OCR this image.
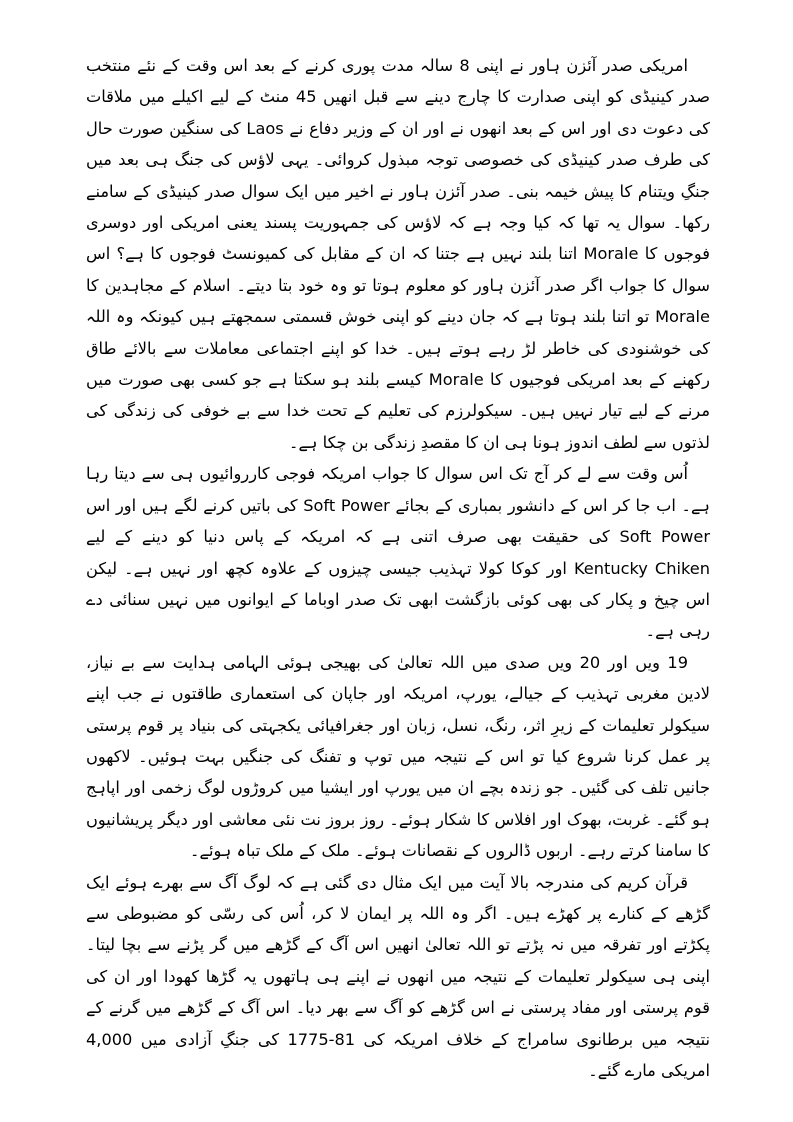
امریکی صدر آئزن ہاور نے اپنی 8 سالہ مدت پوری کرنے کے بعد اس وقت کے نئے منتخب صدر کینیڈی کو اپنی صدارت کا چارج دینے سے قبل انھیں 45 منٹ کے لیے اکیلے میں ملاقات کی دعوت دی اور اس کے بعد انھوں نے اور ان کے وزیر دفاع نے Laos کی سنگین صورت حال کی طرف صدر کینیڈی کی خصوصی توجہ مبذول کروائی۔ یہی لاؤس کی جنگ ہی بعد میں جنگِ ویتنام کا پیش خیمہ بنی۔ صدر آئزن ہاور نے اخیر میں ایک سوال صدر کینیڈی کے سامنے رکھا۔ سوال یہ تھا کہ کیا وجہ ہے کہ لاؤس کی جمہوریت پسند یعنی امریکی اور دوسری فوجوں کا Morale اتنا بلند نہیں ہے جتنا کہ ان کے مقابل کی کمیونسٹ فوجوں کا ہے؟ اس سوال کا جواب اگر صدر آئزن ہاور کو معلوم ہوتا تو وہ خود بتا دیتے۔ اسلام کے مجاہدین کا Morale تو اتنا بلند ہوتا ہے کہ جان دینے کو اپنی خوش قسمتی سمجھتے ہیں کیونکہ وہ اللہ کی خوشنودی کی خاطر لڑ رہے ہوتے ہیں۔ خدا کو اپنے اجتماعی معاملات سے بالائے طاق رکھنے کے بعد امریکی فوجیوں کا Morale کیسے بلند ہو سکتا ہے جو کسی بھی صورت میں مرنے کے لیے تیار نہیں ہیں۔ سیکولرزم کی تعلیم کے تحت خدا سے بے خوفی کی زندگی کی لذتوں سے لطف اندوز ہونا ہی ان کا مقصدِ زندگی بن چکا ہے۔

اُس وقت سے لے کر آج تک اس سوال کا جواب امریکہ فوجی کارروائیوں ہی سے دیتا رہا ہے۔ اب جا کر اس کے دانشور بمباری کے بجائے Soft Power کی باتیں کرنے لگے ہیں اور اس Soft Power کی حقیقت بھی صرف اتنی ہے کہ امریکہ کے پاس دنیا کو دینے کے لیے Kentucky Chiken اور کوکا کولا تہذیب جیسی چیزوں کے علاوہ کچھ اور نہیں ہے۔ لیکن اس چیخ و پکار کی بھی کوئی بازگشت ابھی تک صدر اوباما کے ایوانوں میں نہیں سنائی دے رہی ہے۔

19 ویں اور 20 ویں صدی میں اللہ تعالیٰ کی بھیجی ہوئی الہامی ہدایت سے بے نیاز، لادین مغربی تہذیب کے جیالے، یورپ، امریکہ اور جاپان کی استعماری طاقتوں نے جب اپنے سیکولر تعلیمات کے زیرِ اثر، رنگ، نسل، زبان اور جغرافیائی یکجہتی کی بنیاد پر قوم پرستی پر عمل کرنا شروع کیا تو اس کے نتیجہ میں توپ و تفنگ کی جنگیں بہت ہوئیں۔ لاکھوں جانیں تلف کی گئیں۔ جو زندہ بچے ان میں یورپ اور ایشیا میں کروڑوں لوگ زخمی اور اپاہج ہو گئے۔ غربت، بھوک اور افلاس کا شکار ہوئے۔ روز بروز نت نئی معاشی اور دیگر پریشانیوں کا سامنا کرتے رہے۔ اربوں ڈالروں کے نقصانات ہوئے۔ ملک کے ملک تباہ ہوئے۔

قرآن کریم کی مندرجہ بالا آیت میں ایک مثال دی گئی ہے کہ لوگ آگ سے بھرے ہوئے ایک گڑھے کے کنارے پر کھڑے ہیں۔ اگر وہ اللہ پر ایمان لا کر، اُس کی رسّی کو مضبوطی سے پکڑتے اور تفرقہ میں نہ پڑتے تو اللہ تعالیٰ انھیں اس آگ کے گڑھے میں گر پڑنے سے بچا لیتا۔ اپنی ہی سیکولر تعلیمات کے نتیجہ میں انھوں نے اپنے ہی ہاتھوں یہ گڑھا کھودا اور ان کی قوم پرستی اور مفاد پرستی نے اس گڑھے کو آگ سے بھر دیا۔ اس آگ کے گڑھے میں گرنے کے نتیجہ میں برطانوی سامراج کے خلاف امریکہ کی 81-1775 کی جنگِ آزادی میں 4,000 امریکی مارے گئے۔
